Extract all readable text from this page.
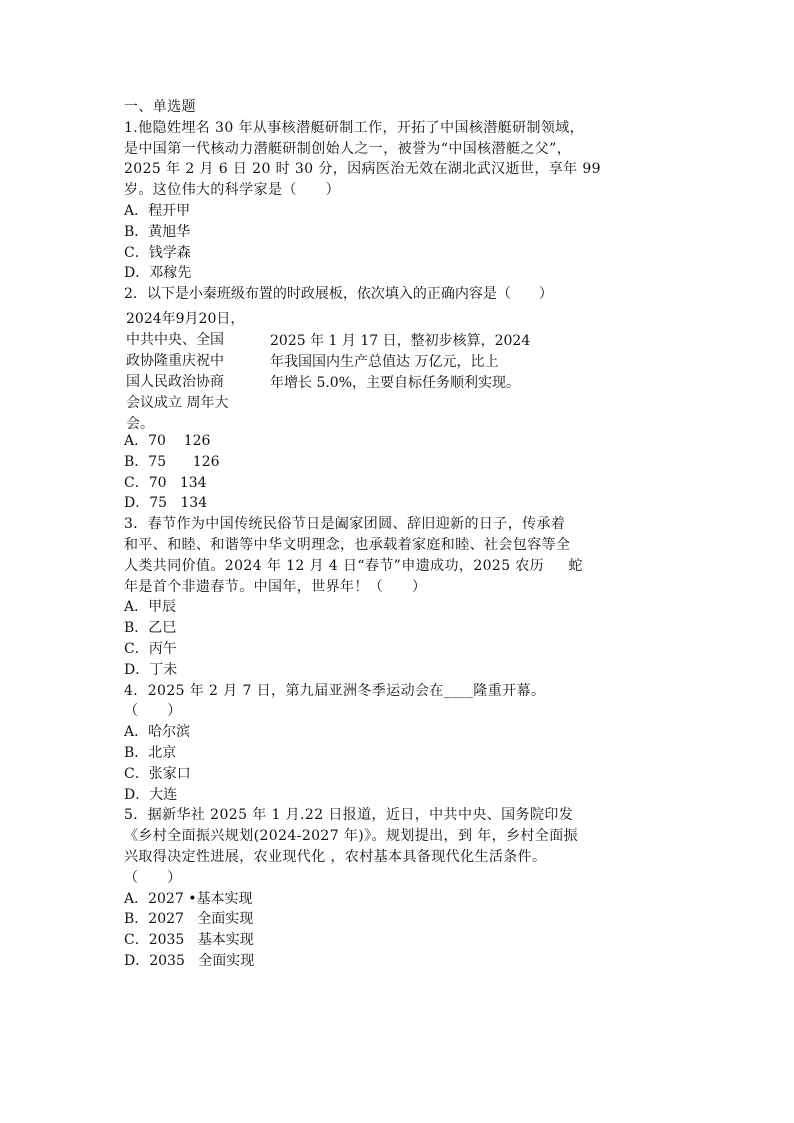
一、单选题
1.他隐姓埋名 30 年从事核潜艇研制工作，开拓了中国核潜艇研制领域，
是中国第一代核动力潜艇研制创始人之一，被誉为“中国核潜艇之父”，
2025 年 2 月 6 日 20 时 30 分，因病医治无效在湖北武汉逝世，享年 99
岁。这位伟大的科学家是（　　）
A．程开甲
B．黄旭华
C．钱学森
D．邓稼先
2．以下是小秦班级布置的时政展板，依次填入的正确内容是（　　）
2024年9月20日，
中共中央、全国
政协隆重庆祝中
国人民政治协商
会议成立 周年大
会。
2025 年 1 月 17 日，整初步核算，2024
年我国国内生产总值达 万亿元，比上
年增长 5.0%，主要自标任务顺利实现。
A．70    126
B．75      126
C．70   134
D．75   134
3．春节作为中国传统民俗节日是阖家团圆、辞旧迎新的日子，传承着
和平、和睦、和谐等中华文明理念，也承载着家庭和睦、社会包容等全
人类共同价值。2024 年 12 月 4 日“春节”申遗成功，2025 农历     蛇
年是首个非遗春节。中国年，世界年！（　　）
A．甲辰
B．乙巳
C．丙午
D．丁未
4．2025 年 2 月 7 日，第九届亚洲冬季运动会在____隆重开幕。
（　　）
A．哈尔滨
B．北京
C．张家口
D．大连
5．据新华社 2025 年 1 月.22 日报道，近日，中共中央、国务院印发
《乡村全面振兴规划(2024-2027 年)》。规划提出，到 年，乡村全面振
兴取得决定性进展，农业现代化 ，农村基本具备现代化生活条件。
（　　）
A．2027 •基本实现
B．2027   全面实现
C．2035   基本实现
D．2035   全面实现
